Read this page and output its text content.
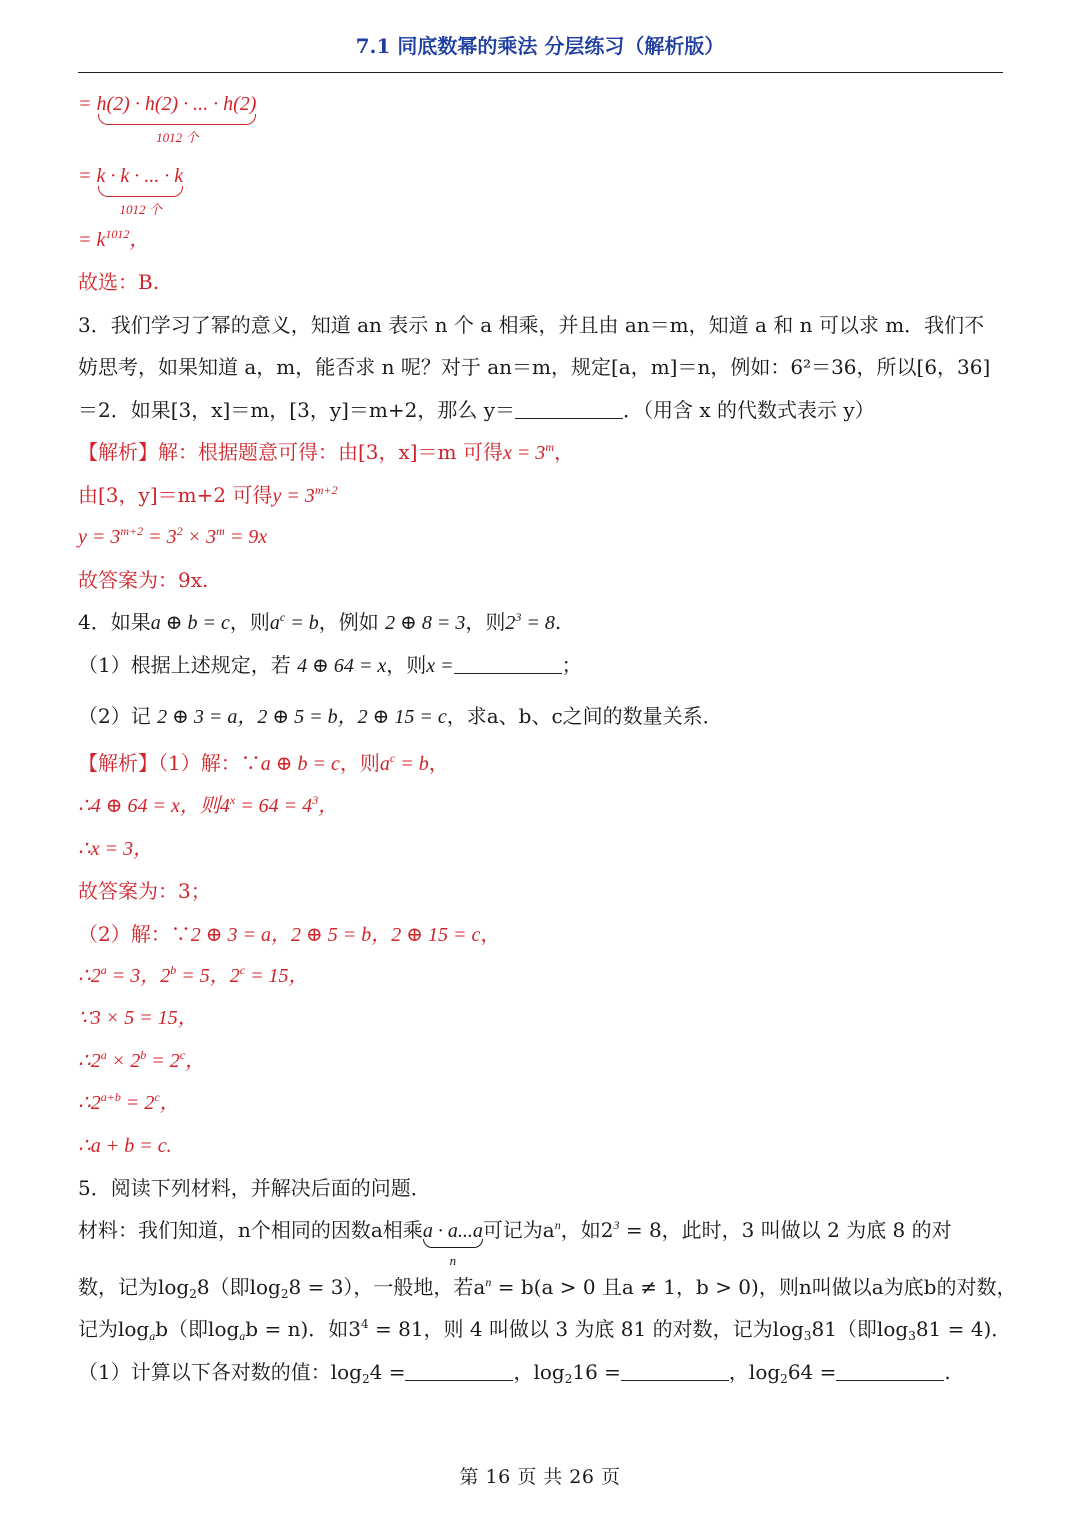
7.1 同底数幂的乘法 分层练习（解析版）
= h(2) · h(2) · ... · h(2)
1012 个
= k · k · ... · k
1012 个
= $k^{1012}$，
故选：B.
3．我们学习了幂的意义，知道 an 表示 n 个 a 相乘，并且由 an＝m，知道 a 和 n 可以求 m．我们不
妨思考，如果知道 a，m，能否求 n 呢？对于 an＝m，规定[a，m]＝n，例如：6²＝36，所以[6，36]
＝2．如果[3，x]＝m，[3，y]＝m+2，那么 y＝	．（用含 x 的代数式表示 y）
【解析】解：根据题意可得：由[3，x]＝m 可得$x = 3^m$，
由[3，y]＝m+2 可得$y = 3^{m+2}$
$y = 3^{m+2} = 3^2 \times 3^m = 9x$
故答案为：9x.
4．如果a ⊕ b = c，则$a^c = b$，例如 2 ⊕ 8 = 3，则$2^3 = 8$.
（1）根据上述规定，若 4 ⊕ 64 = x，则x =	；
（2）记 2 ⊕ 3 = a，2 ⊕ 5 = b，2 ⊕ 15 = c，求a、b、c之间的数量关系．
【解析】（1）解：∵a ⊕ b = c，则$a^c = b$，
∴4 ⊕ 64 = x，则$4^x = 64 = 4^3$，
∴x = 3，
故答案为：3；
（2）解：∵2 ⊕ 3 = a，2 ⊕ 5 = b，2 ⊕ 15 = c，
$\therefore 2^a = 3$，$2^b = 5$，$2^c = 15$，
∵3 × 5 = 15，
$\therefore 2^a \times 2^b = 2^c$，
$\therefore 2^{a+b} = 2^c$，
∴a + b = c.
5．阅读下列材料，并解决后面的问题．
材料：我们知道，n个相同的因数a相乘a · a...a
n
可记为$a^n$，如$2^3 = 8$，此时，3 叫做以 2 为底 8 的对
数，记为$\log_28$（即$\log_28 = 3$），一般地，若$a^n = b(a > 0$ 且a ≠ 1，b > 0)，则n叫做以a为底b的对数，
记为$\log_ab$（即$\log_ab = n$)．如$3^4 = 81$，则 4 叫做以 3 为底 81 的对数，记为$\log_381$（即$\log_381 = 4$)．
（1）计算以下各对数的值：$\log_24$ =	，$\log_216$ =	，$\log_264$ =	.
第 16 页 共 26 页
